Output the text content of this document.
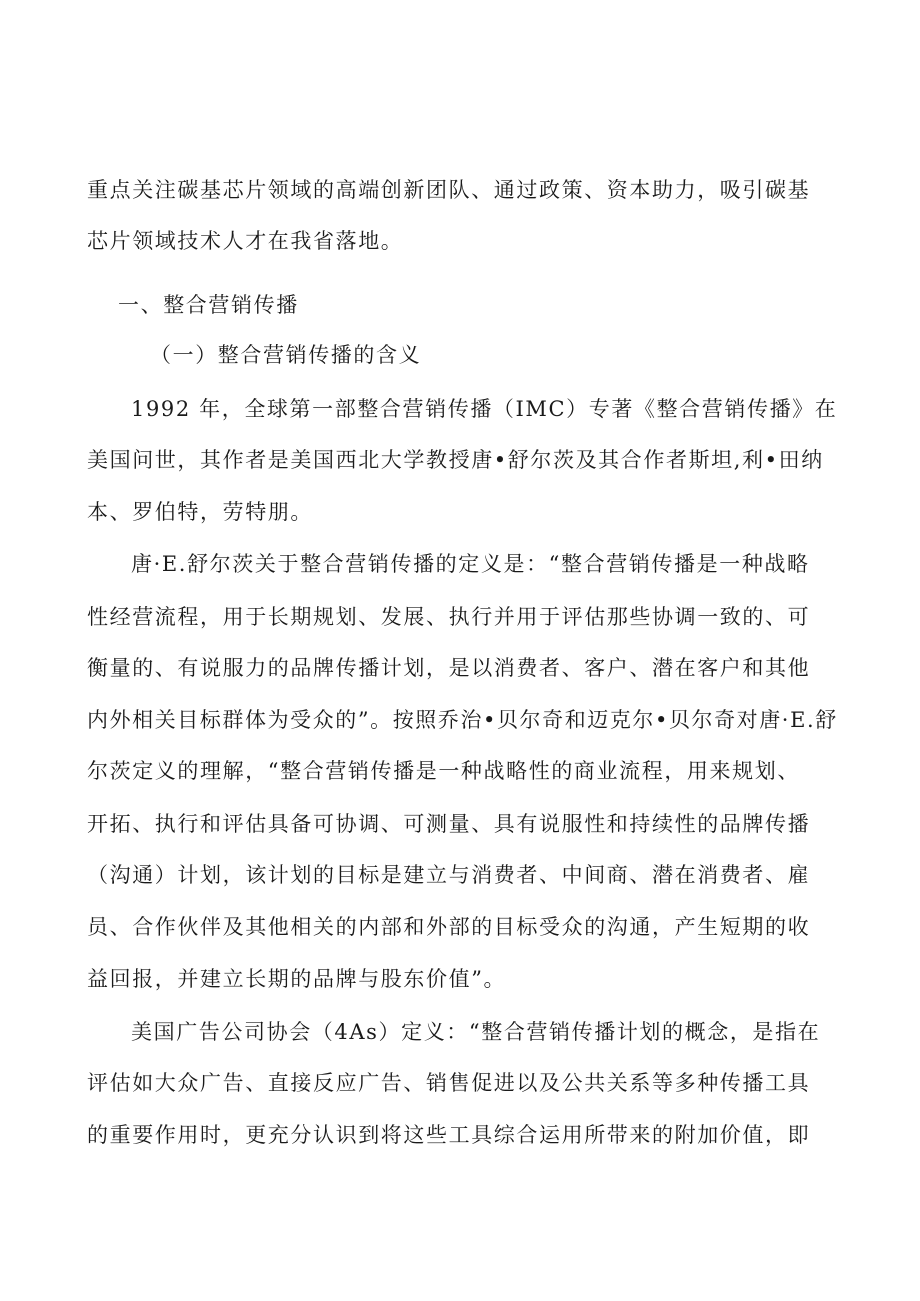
重点关注碳基芯片领域的高端创新团队、通过政策、资本助力，吸引碳基
芯片领域技术人才在我省落地。
一、整合营销传播
（一）整合营销传播的含义
1992 年，全球第一部整合营销传播（IMC）专著《整合营销传播》在
美国问世，其作者是美国西北大学教授唐•舒尔茨及其合作者斯坦,利•田纳
本、罗伯特，劳特朋。
唐·E.舒尔茨关于整合营销传播的定义是：“整合营销传播是一种战略
性经营流程，用于长期规划、发展、执行并用于评估那些协调一致的、可
衡量的、有说服力的品牌传播计划，是以消费者、客户、潜在客户和其他
内外相关目标群体为受众的”。按照乔治•贝尔奇和迈克尔•贝尔奇对唐·E.舒
尔茨定义的理解，“整合营销传播是一种战略性的商业流程，用来规划、
开拓、执行和评估具备可协调、可测量、具有说服性和持续性的品牌传播
（沟通）计划，该计划的目标是建立与消费者、中间商、潜在消费者、雇
员、合作伙伴及其他相关的内部和外部的目标受众的沟通，产生短期的收
益回报，并建立长期的品牌与股东价值”。
美国广告公司协会（4As）定义：“整合营销传播计划的概念，是指在
评估如大众广告、直接反应广告、销售促进以及公共关系等多种传播工具
的重要作用时，更充分认识到将这些工具综合运用所带来的附加价值，即
